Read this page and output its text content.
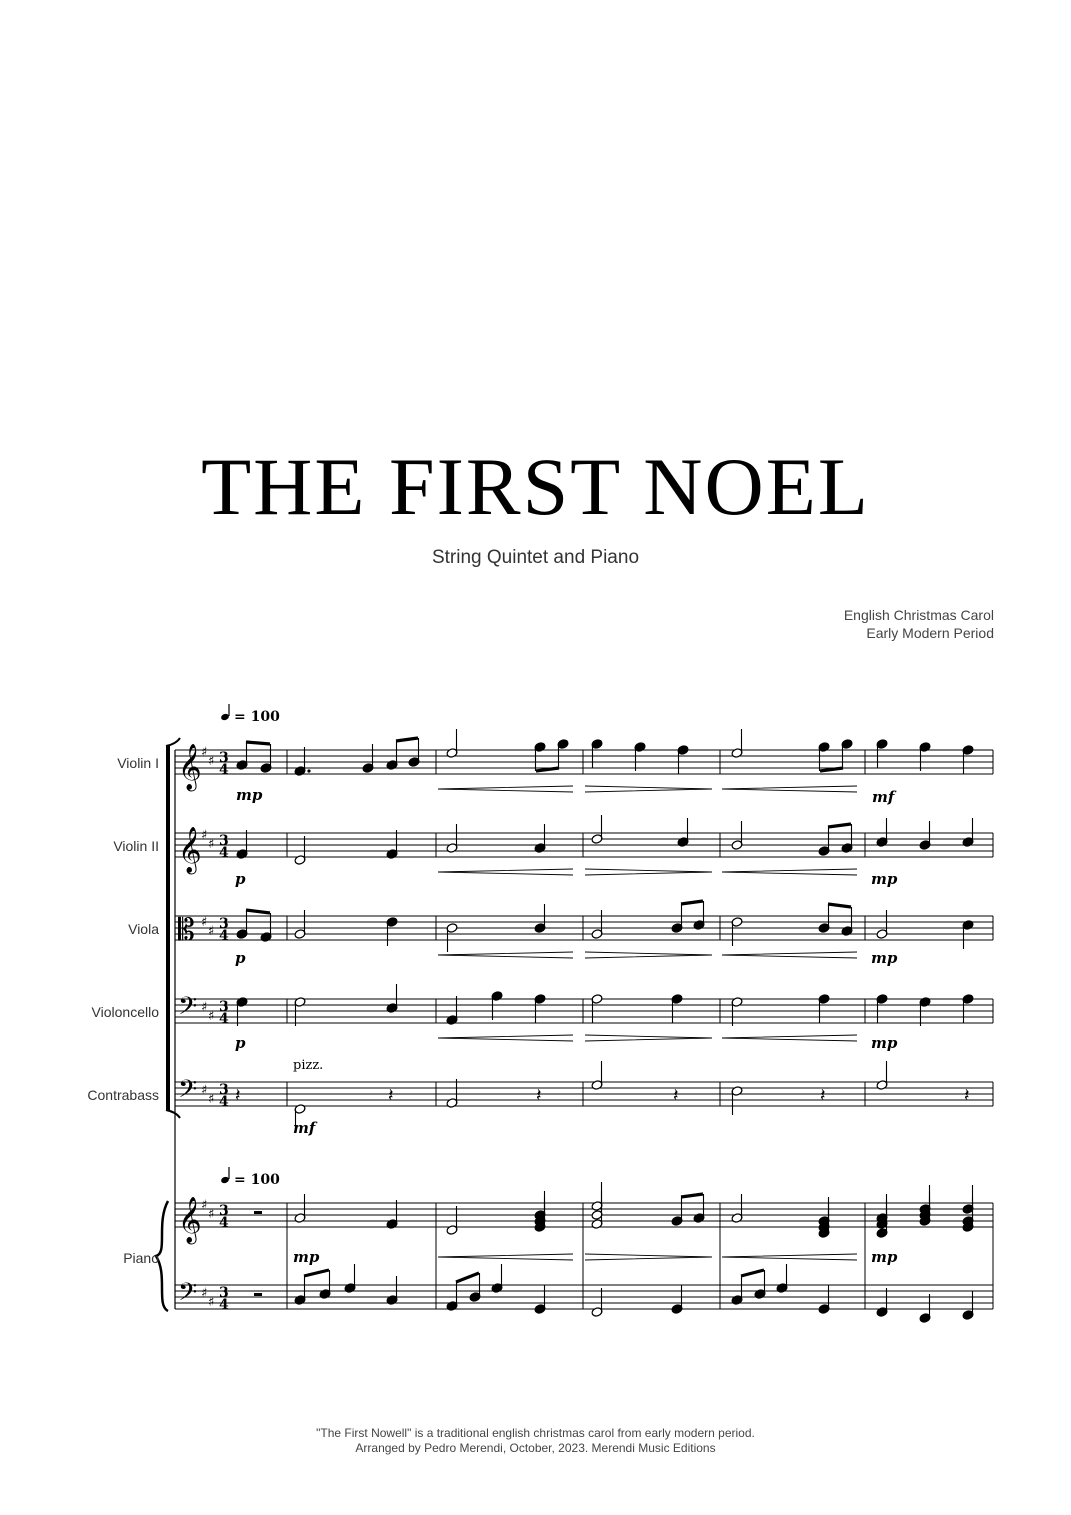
THE FIRST NOEL
String Quintet and Piano
English Christmas Carol
Early Modern Period
𝄞 ♯
♯ 3
4
𝄞 ♯
♯ 3
4
𝄡 ♯
♯ 3
4
𝄢 ♯
♯
3
4
𝄢 ♯
♯
3
4
𝄞 ♯
♯ 3
4
𝄢 ♯
♯
3
4
𝄽	𝄽	𝄽	𝄽	𝄽	𝄽
Violin I
Violin II
Viola
Violoncello
Contrabass
Piano
= 100
= 100
mp	mf
p	mp
p	mp
p	mp
pizz.
mf
mp	mp
"The First Nowell" is a traditional english christmas carol from early modern period.
Arranged by Pedro Merendi, October, 2023. Merendi Music Editions
